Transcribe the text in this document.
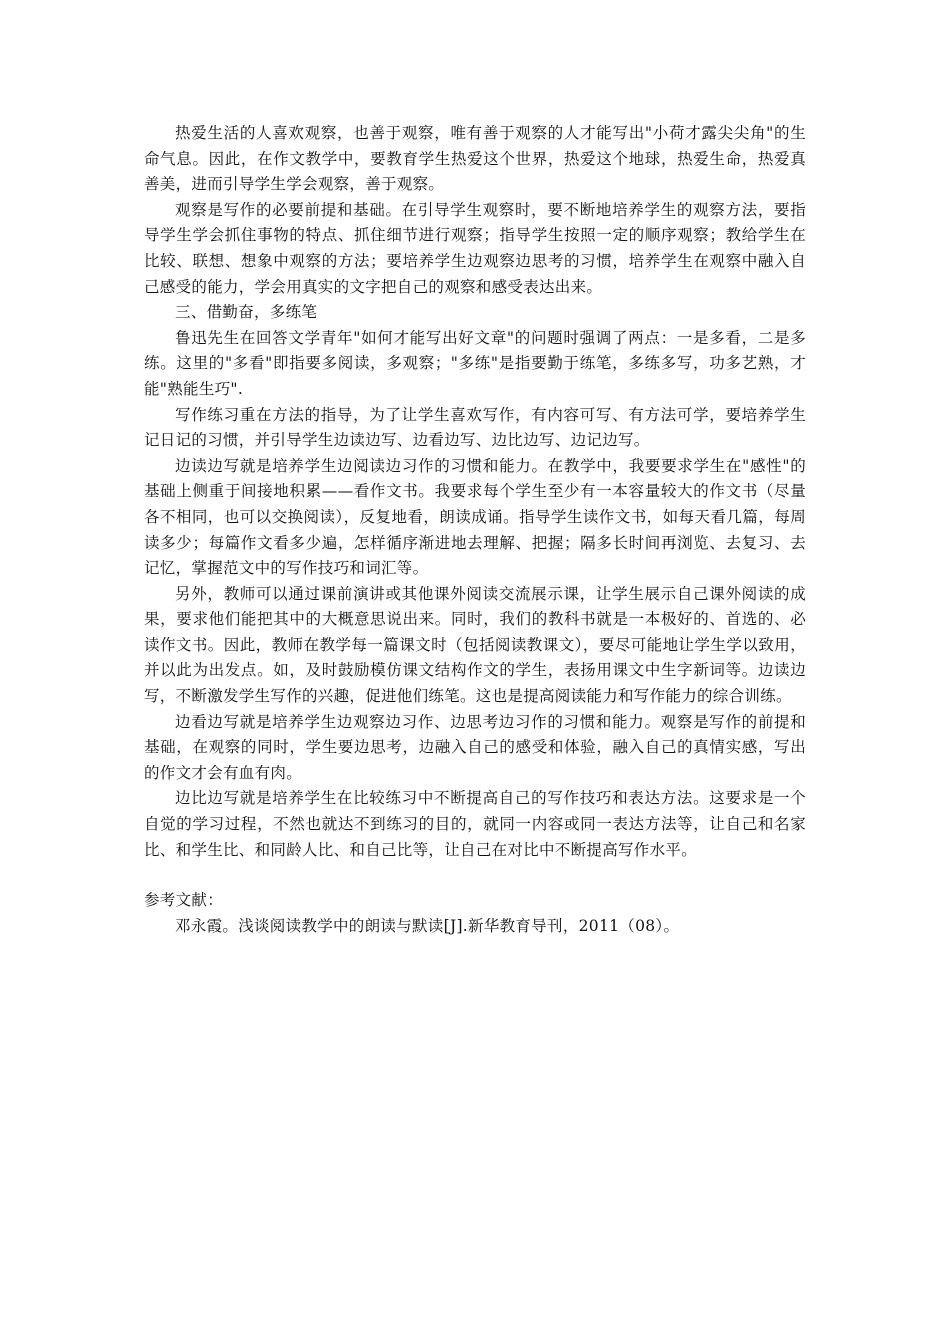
热爱生活的人喜欢观察，也善于观察，唯有善于观察的人才能写出"小荷才露尖尖角"的生命气息。因此，在作文教学中，要教育学生热爱这个世界，热爱这个地球，热爱生命，热爱真善美，进而引导学生学会观察，善于观察。

观察是写作的必要前提和基础。在引导学生观察时，要不断地培养学生的观察方法，要指导学生学会抓住事物的特点、抓住细节进行观察；指导学生按照一定的顺序观察；教给学生在比较、联想、想象中观察的方法；要培养学生边观察边思考的习惯，培养学生在观察中融入自己感受的能力，学会用真实的文字把自己的观察和感受表达出来。

三、借勤奋，多练笔

鲁迅先生在回答文学青年"如何才能写出好文章"的问题时强调了两点：一是多看，二是多练。这里的"多看"即指要多阅读，多观察；"多练"是指要勤于练笔，多练多写，功多艺熟，才能"熟能生巧".

写作练习重在方法的指导，为了让学生喜欢写作，有内容可写、有方法可学，要培养学生记日记的习惯，并引导学生边读边写、边看边写、边比边写、边记边写。

边读边写就是培养学生边阅读边习作的习惯和能力。在教学中，我要要求学生在"感性"的基础上侧重于间接地积累——看作文书。我要求每个学生至少有一本容量较大的作文书（尽量各不相同，也可以交换阅读），反复地看，朗读成诵。指导学生读作文书，如每天看几篇，每周读多少；每篇作文看多少遍，怎样循序渐进地去理解、把握；隔多长时间再浏览、去复习、去记忆，掌握范文中的写作技巧和词汇等。

另外，教师可以通过课前演讲或其他课外阅读交流展示课，让学生展示自己课外阅读的成果，要求他们能把其中的大概意思说出来。同时，我们的教科书就是一本极好的、首选的、必读作文书。因此，教师在教学每一篇课文时（包括阅读教课文），要尽可能地让学生学以致用，并以此为出发点。如，及时鼓励模仿课文结构作文的学生，表扬用课文中生字新词等。边读边写，不断激发学生写作的兴趣，促进他们练笔。这也是提高阅读能力和写作能力的综合训练。

边看边写就是培养学生边观察边习作、边思考边习作的习惯和能力。观察是写作的前提和基础，在观察的同时，学生要边思考，边融入自己的感受和体验，融入自己的真情实感，写出的作文才会有血有肉。

边比边写就是培养学生在比较练习中不断提高自己的写作技巧和表达方法。这要求是一个自觉的学习过程，不然也就达不到练习的目的，就同一内容或同一表达方法等，让自己和名家比、和学生比、和同龄人比、和自己比等，让自己在对比中不断提高写作水平。

参考文献：

邓永霞。浅谈阅读教学中的朗读与默读[J].新华教育导刊，2011（08）。
